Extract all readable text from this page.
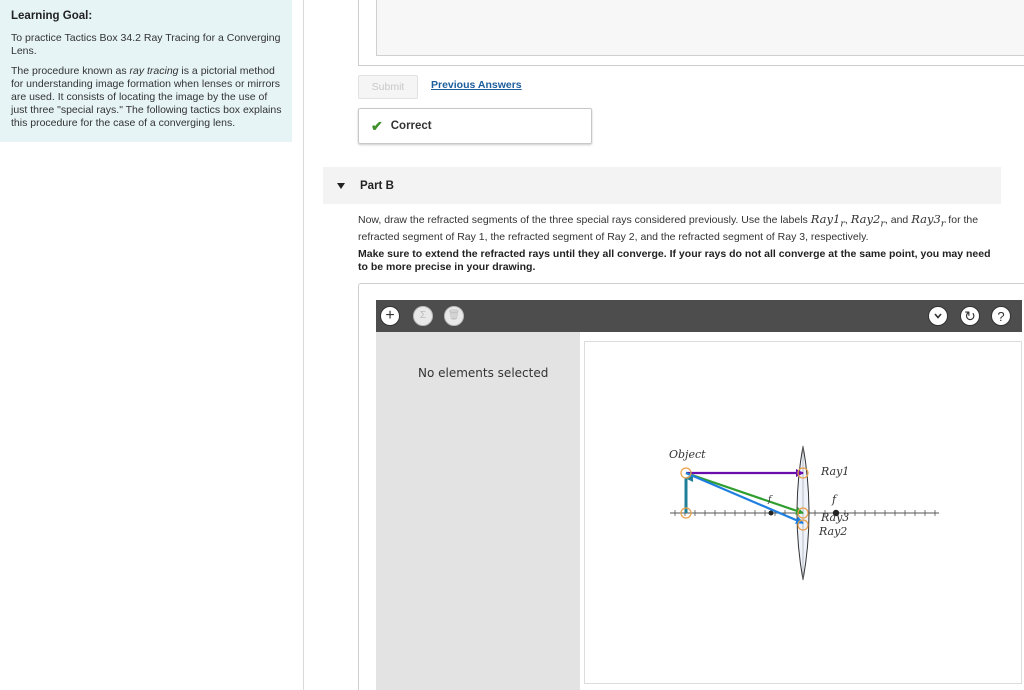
Learning Goal:

To practice Tactics Box 34.2 Ray Tracing for a Converging Lens.

The procedure known as ray tracing is a pictorial method for understanding image formation when lenses or mirrors are used. It consists of locating the image by the use of just three "special rays." The following tactics box explains this procedure for the case of a converging lens.

Submit	Previous Answers
✔ Correct
Part B
Now, draw the refracted segments of the three special rays considered previously. Use the labels $Ray1_r$, $Ray2_r$, and $Ray3_r$ for the refracted segment of Ray 1, the refracted segment of Ray 2, and the refracted segment of Ray 3, respectively.
Make sure to extend the refracted rays until they all converge. If your rays do not all converge at the same point, you may need to be more precise in your drawing.
+	Σ	🗑	↻	?
No elements selected
Object
Ray1
f
f
Ray3
Ray2
